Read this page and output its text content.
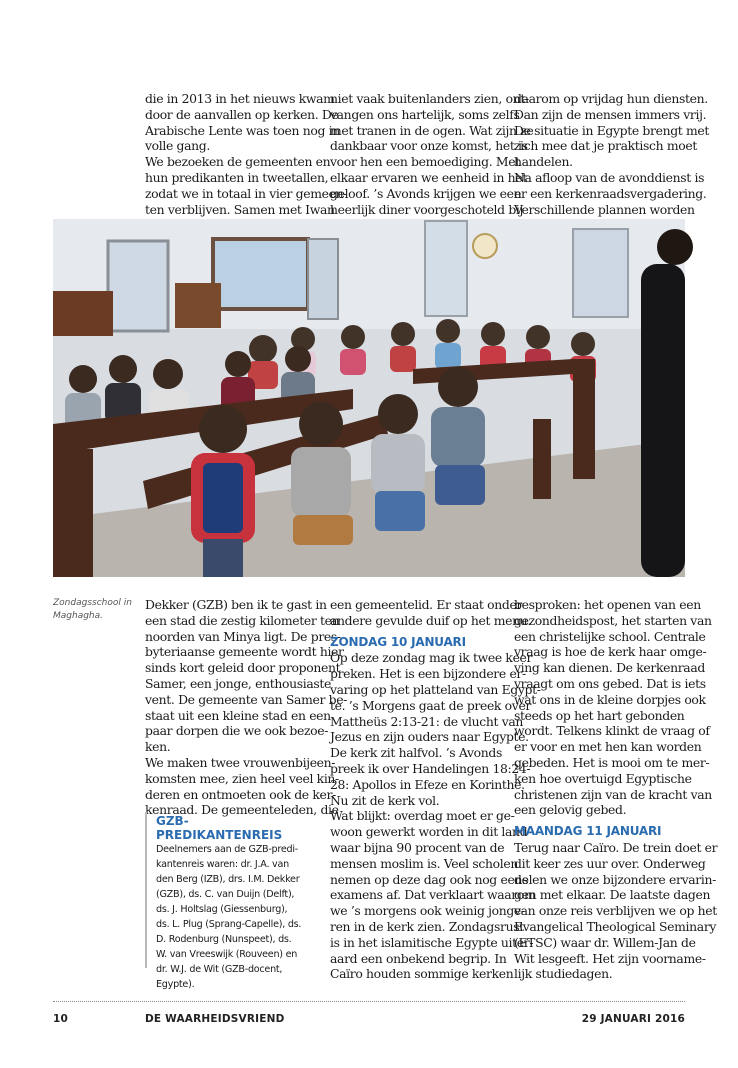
die in 2013 in het nieuws kwam
door de aanvallen op kerken. De
Arabische Lente was toen nog in
volle gang.
We bezoeken de gemeenten en
hun predikanten in tweetallen,
zodat we in totaal in vier gemeen-
ten verblijven. Samen met Iwan

niet vaak buitenlanders zien, ont-
vangen ons hartelijk, soms zelfs
met tranen in de ogen. Wat zijn ze
dankbaar voor onze komst, het is
voor hen een bemoediging. Met
elkaar ervaren we eenheid in het
geloof. ’s Avonds krijgen we een
heerlijk diner voorgeschoteld bij

daarom op vrijdag hun diensten.
Dan zijn de mensen immers vrij.
De situatie in Egypte brengt met
zich mee dat je praktisch moet
handelen.
Na afloop van de avonddienst is
er een kerkenraadsvergadering.
Verschillende plannen worden

Zondagsschool in
Maghagha.

Dekker (GZB) ben ik te gast in
een stad die zestig kilometer ten
noorden van Minya ligt. De pres-
byteriaanse gemeente wordt hier
sinds kort geleid door proponent
Samer, een jonge, enthousiaste
vent. De gemeente van Samer be-
staat uit een kleine stad en een
paar dorpen die we ook bezoe-
ken.
We maken twee vrouwenbijeen-
komsten mee, zien heel veel kin-
deren en ontmoeten ook de ker-
kenraad. De gemeenteleden, die

GZB-PREDIKANTENREIS
Deelnemers aan de GZB-predi-
kantenreis waren: dr. J.A. van
den Berg (IZB), drs. I.M. Dekker
(GZB), ds. C. van Duijn (Delft),
ds. J. Holtslag (Giessenburg),
ds. L. Plug (Sprang-Capelle), ds.
D. Rodenburg (Nunspeet), ds.
W. van Vreeswijk (Rouveen) en
dr. W.J. de Wit (GZB-docent,
Egypte).

een gemeentelid. Er staat onder
andere gevulde duif op het menu.

ZONDAG 10 JANUARI

Op deze zondag mag ik twee keer
preken. Het is een bijzondere er-
varing op het platteland van Egypt-
te. ’s Morgens gaat de preek over
Mattheüs 2:13-21: de vlucht van
Jezus en zijn ouders naar Egypte.
De kerk zit halfvol. ’s Avonds
preek ik over Handelingen 18:24-
28: Apollos in Efeze en Korinthe.
Nu zit de kerk vol.
Wat blijkt: overdag moet er ge-
woon gewerkt worden in dit land
waar bijna 90 procent van de
mensen moslim is. Veel scholen
nemen op deze dag ook nog eens
examens af. Dat verklaart waarom
we ’s morgens ook weinig jonge-
ren in de kerk zien. Zondagsrust
is in het islamitische Egypte uiter-
aard een onbekend begrip. In
Caïro houden sommige kerken

besproken: het openen van een
gezondheidspost, het starten van
een christelijke school. Centrale
vraag is hoe de kerk haar omge-
ving kan dienen. De kerkenraad
vraagt om ons gebed. Dat is iets
wat ons in de kleine dorpjes ook
steeds op het hart gebonden
wordt. Telkens klinkt de vraag of
er voor en met hen kan worden
gebeden. Het is mooi om te mer-
ken hoe overtuigd Egyptische
christenen zijn van de kracht van
een gelovig gebed.

MAANDAG 11 JANUARI

Terug naar Caïro. De trein doet er
dit keer zes uur over. Onderweg
delen we onze bijzondere ervarin-
gen met elkaar. De laatste dagen
van onze reis verblijven we op het
Evangelical Theological Seminary
(ETSC) waar dr. Willem-Jan de
Wit lesgeeft. Het zijn voorname-
lijk studiedagen.

10	DE WAARHEIDSVRIEND	29 JANUARI 2016
